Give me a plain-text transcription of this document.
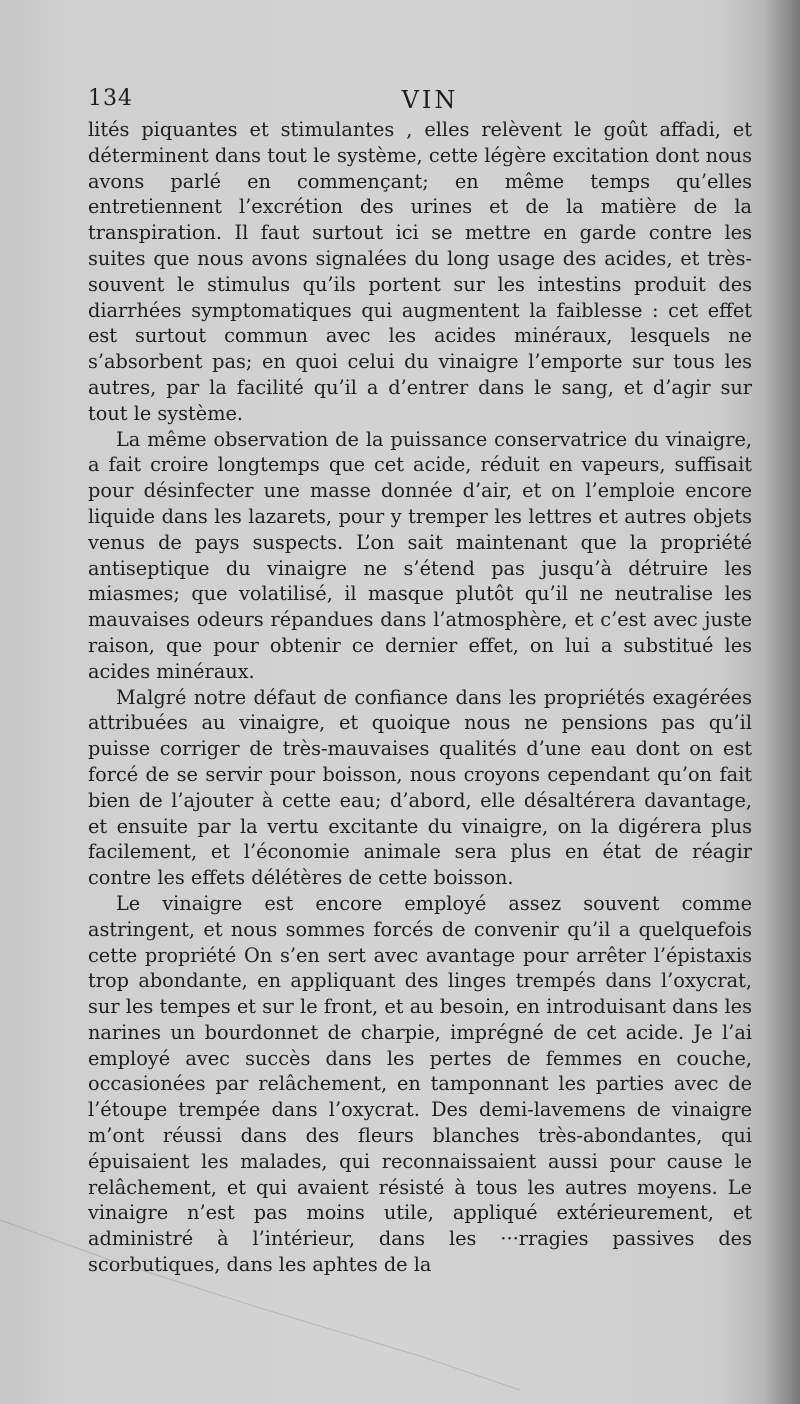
134	VIN

lités piquantes et stimulantes , elles relèvent le goût affadi, et déterminent dans tout le système, cette légère excitation dont nous avons parlé en commençant; en même temps qu’elles entretiennent l’excrétion des urines et de la matière de la transpiration. Il faut surtout ici se mettre en garde contre les suites que nous avons signalées du long usage des acides, et très-souvent le stimulus qu’ils portent sur les intestins produit des diarrhées symptomatiques qui augmentent la faiblesse : cet effet est surtout commun avec les acides minéraux, lesquels ne s’absorbent pas; en quoi celui du vinaigre l’emporte sur tous les autres, par la facilité qu’il a d’entrer dans le sang, et d’agir sur tout le système.

La même observation de la puissance conservatrice du vinaigre, a fait croire longtemps que cet acide, réduit en vapeurs, suffisait pour désinfecter une masse donnée d’air, et on l’emploie encore liquide dans les lazarets, pour y tremper les lettres et autres objets venus de pays suspects. L’on sait maintenant que la propriété antiseptique du vinaigre ne s’étend pas jusqu’à détruire les miasmes; que volatilisé, il masque plutôt qu’il ne neutralise les mauvaises odeurs répandues dans l’atmosphère, et c’est avec juste raison, que pour obtenir ce dernier effet, on lui a substitué les acides minéraux.

Malgré notre défaut de confiance dans les propriétés exagérées attribuées au vinaigre, et quoique nous ne pensions pas qu’il puisse corriger de très-mauvaises qualités d’une eau dont on est forcé de se servir pour boisson, nous croyons cependant qu’on fait bien de l’ajouter à cette eau; d’abord, elle désaltérera davantage, et ensuite par la vertu excitante du vinaigre, on la digérera plus facilement, et l’économie animale sera plus en état de réagir contre les effets délétères de cette boisson.

Le vinaigre est encore employé assez souvent comme astringent, et nous sommes forcés de convenir qu’il a quelquefois cette propriété On s’en sert avec avantage pour arrêter l’épistaxis trop abondante, en appliquant des linges trempés dans l’oxycrat, sur les tempes et sur le front, et au besoin, en introduisant dans les narines un bourdonnet de charpie, imprégné de cet acide. Je l’ai employé avec succès dans les pertes de femmes en couche, occasionées par relâchement, en tamponnant les parties avec de l’étoupe trempée dans l’oxycrat. Des demi-lavemens de vinaigre m’ont réussi dans des fleurs blanches très-abondantes, qui épuisaient les malades, qui reconnaissaient aussi pour cause le relâchement, et qui avaient résisté à tous les autres moyens. Le vinaigre n’est pas moins utile, appliqué extérieurement, et administré à l’intérieur, dans les ···rragies passives des scorbutiques, dans les aphtes de la
